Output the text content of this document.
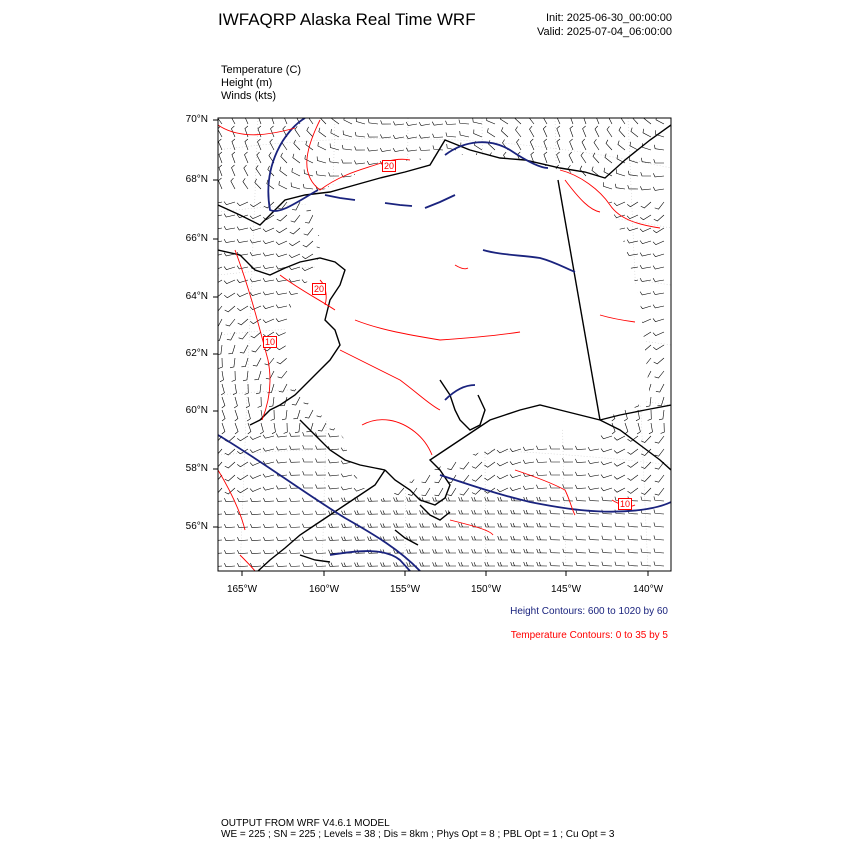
IWFAQRP Alaska Real Time WRF	Init: 2025-06-30_00:00:00
Valid: 2025-07-04_06:00:00
Temperature (C)
Height (m)
Winds (kts)
70°N
68°N
66°N
64°N
62°N
60°N
58°N
56°N
165°W	160°W	155°W	150°W	145°W	140°W
20
20
10
10
Height Contours: 600 to 1020 by 60
Temperature Contours: 0 to 35 by 5
OUTPUT FROM WRF V4.6.1 MODEL
WE = 225 ; SN = 225 ; Levels = 38 ; Dis = 8km ; Phys Opt = 8 ; PBL Opt = 1 ; Cu Opt = 3
